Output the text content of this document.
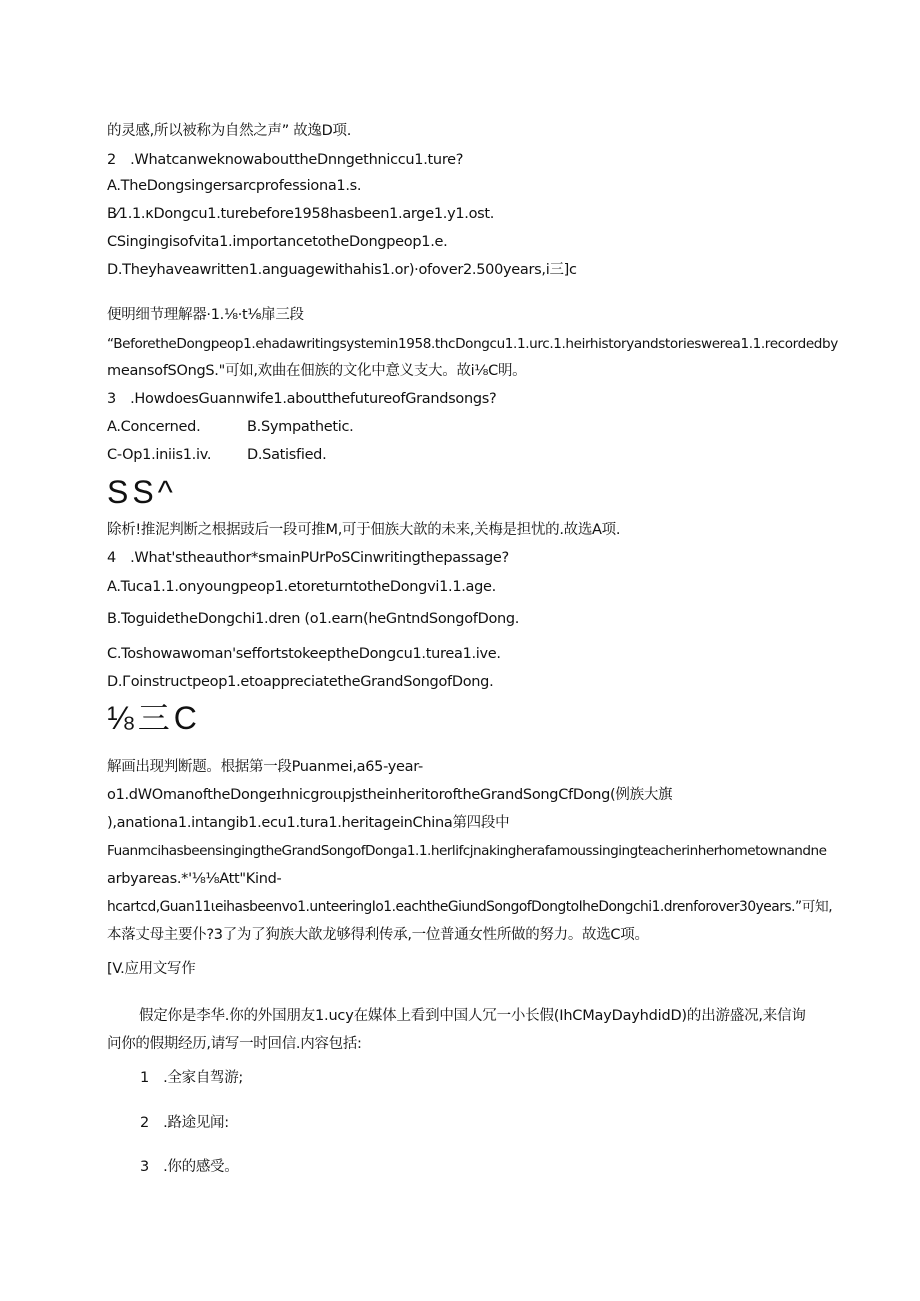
的灵感,所以被称为自然之声” 故逸D项.

2　.WhatcanweknowabouttheDnngethniccu1.ture?

A.TheDongsingersarcprofessiona1.s.

B⁄1.1.κDongcu1.turebefore1958hasbeen1.arge1.y1.ost.

CSingingisofvita1.importancetotheDongpeop1.e.

D.Theyhaveawritten1.anguagewithahis1.or)·ofover2.500years,i三]c

便明细节理解器·1.⅛·t⅛扉三段

“BeforetheDongpeop1.ehadawritingsystemin1958.thcDongcu1.1.urc.1.heirhistoryandstorieswerea1.1.recordedby

meansofSOngS."可如,欢曲在佃族的文化中意义支大。故i⅛C明。

3　.HowdoesGuannwife1.aboutthefutureofGrandsongs?

A.Concerned.	B.Sympathetic.

C-Op1.iniis1.iv. D.Satisfied.

SS^

除析!推泥判断之根据豉后一段可推M,可于佃族大歆的未来,关梅是担忧的.故选A项.

4　.What'stheauthor*smainPUrPoSCinwritingthepassage?

A.Tuca1.1.onyoungpeop1.etoreturntotheDongvi1.1.age.

B.ToguidetheDongchi1.dren (o1.earn(heGntndSongofDong.

C.Toshowawoman'seffortstokeeptheDongcu1.turea1.ive.

D.Гoinstructpeop1.etoappreciatetheGrandSongofDong.

⅛三C

解画出现判断题。根据第一段Puanmei,a65-year-

o1.dWOmanoftheDongeɪhnicgroιιpjstheinheritoroftheGrandSongCfDong(例族大旗

),anationa1.intangib1.ecu1.tura1.heritageinChina第四段中

Fuanmcihasbeensingingthe​GrandSongofDonga1.1.herlifcjnakingherafamoussingingteacherinherhometownandne

arbyareas.*'⅛⅛Att"Kind-

hcartcd,Guan11ιeihasbeenvo1.unteeringIo1.eachtheGiundSongofDongtoIheDongchi1.drenforover30years.”可知,

本落丈母主要仆?3了为了狗族大歆龙够得利传承,一位普通女性所做的努力。故选C项。

[V.应用文写作

假定你是李华.你的外国朋友1.ucy在媒体上看到中国人冗一小长假(IhCMayDayhdidD)的出游盛况,来信询

问你的假期经历,请写一时回信.内容包括:

1　.全家自驾游;

2　.路途见闻:

3　.你的感受。
